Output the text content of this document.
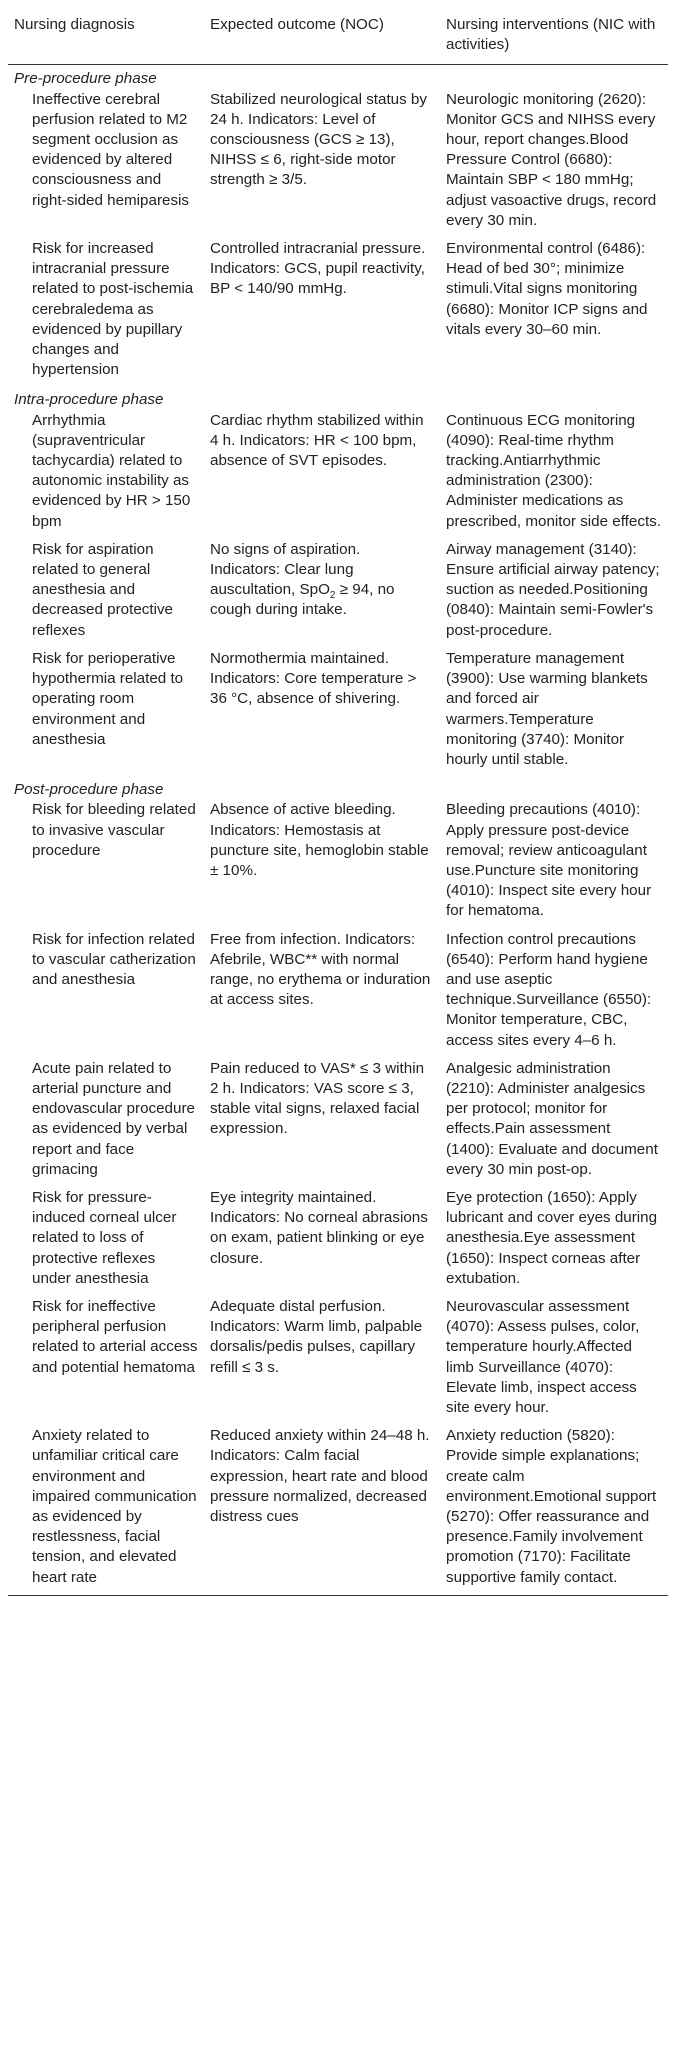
Nursing diagnosis	Expected outcome (NOC)	Nursing interventions (NIC with activities)
Pre-procedure phase		
Ineffective cerebral perfusion related to M2 segment occlusion as evidenced by altered consciousness and right-sided hemiparesis	Stabilized neurological status by 24 h. Indicators: Level of consciousness (GCS ≥ 13), NIHSS ≤ 6, right-side motor strength ≥ 3/5.	Neurologic monitoring (2620): Monitor GCS and NIHSS every hour, report changes.Blood Pressure Control (6680): Maintain SBP < 180 mmHg; adjust vasoactive drugs, record every 30 min.
Risk for increased intracranial pressure related to post-ischemia cerebraledema as evidenced by pupillary changes and hypertension	Controlled intracranial pressure. Indicators: GCS, pupil reactivity, BP < 140/90 mmHg.	Environmental control (6486): Head of bed 30°; minimize stimuli.Vital signs monitoring (6680): Monitor ICP signs and vitals every 30–60 min.
Intra-procedure phase		
Arrhythmia (supraventricular tachycardia) related to autonomic instability as evidenced by HR > 150 bpm	Cardiac rhythm stabilized within 4 h. Indicators: HR < 100 bpm, absence of SVT episodes.	Continuous ECG monitoring (4090): Real-time rhythm tracking.Antiarrhythmic administration (2300): Administer medications as prescribed, monitor side effects.
Risk for aspiration related to general anesthesia and decreased protective reflexes	No signs of aspiration. Indicators: Clear lung auscultation, SpO$_2$ ≥ 94, no cough during intake.	Airway management (3140): Ensure artificial airway patency; suction as needed.Positioning (0840): Maintain semi-Fowler's post-procedure.
Risk for perioperative hypothermia related to operating room environment and anesthesia	Normothermia maintained. Indicators: Core temperature > 36 °C, absence of shivering.	Temperature management (3900): Use warming blankets and forced air warmers.Temperature monitoring (3740): Monitor hourly until stable.
Post-procedure phase		
Risk for bleeding related to invasive vascular procedure	Absence of active bleeding. Indicators: Hemostasis at puncture site, hemoglobin stable ± 10%.	Bleeding precautions (4010): Apply pressure post-device removal; review anticoagulant use.Puncture site monitoring (4010): Inspect site every hour for hematoma.
Risk for infection related to vascular catherization and anesthesia	Free from infection. Indicators: Afebrile, WBC** with normal range, no erythema or induration at access sites.	Infection control precautions (6540): Perform hand hygiene and use aseptic technique.Surveillance (6550): Monitor temperature, CBC, access sites every 4–6 h.
Acute pain related to arterial puncture and endovascular procedure as evidenced by verbal report and face grimacing	Pain reduced to VAS* ≤ 3 within 2 h. Indicators: VAS score ≤ 3, stable vital signs, relaxed facial expression.	Analgesic administration (2210): Administer analgesics per protocol; monitor for effects.Pain assessment (1400): Evaluate and document every 30 min post-op.
Risk for pressure-induced corneal ulcer related to loss of protective reflexes under anesthesia	Eye integrity maintained. Indicators: No corneal abrasions on exam, patient blinking or eye closure.	Eye protection (1650): Apply lubricant and cover eyes during anesthesia.Eye assessment (1650): Inspect corneas after extubation.
Risk for ineffective peripheral perfusion related to arterial access and potential hematoma	Adequate distal perfusion. Indicators: Warm limb, palpable dorsalis/pedis pulses, capillary refill ≤ 3 s.	Neurovascular assessment (4070): Assess pulses, color, temperature hourly.Affected limb Surveillance (4070): Elevate limb, inspect access site every hour.
Anxiety related to unfamiliar critical care environment and impaired communication as evidenced by restlessness, facial tension, and elevated heart rate	Reduced anxiety within 24–48 h. Indicators: Calm facial expression, heart rate and blood pressure normalized, decreased distress cues	Anxiety reduction (5820): Provide simple explanations; create calm environment.Emotional support (5270): Offer reassurance and presence.Family involvement promotion (7170): Facilitate supportive family contact.
